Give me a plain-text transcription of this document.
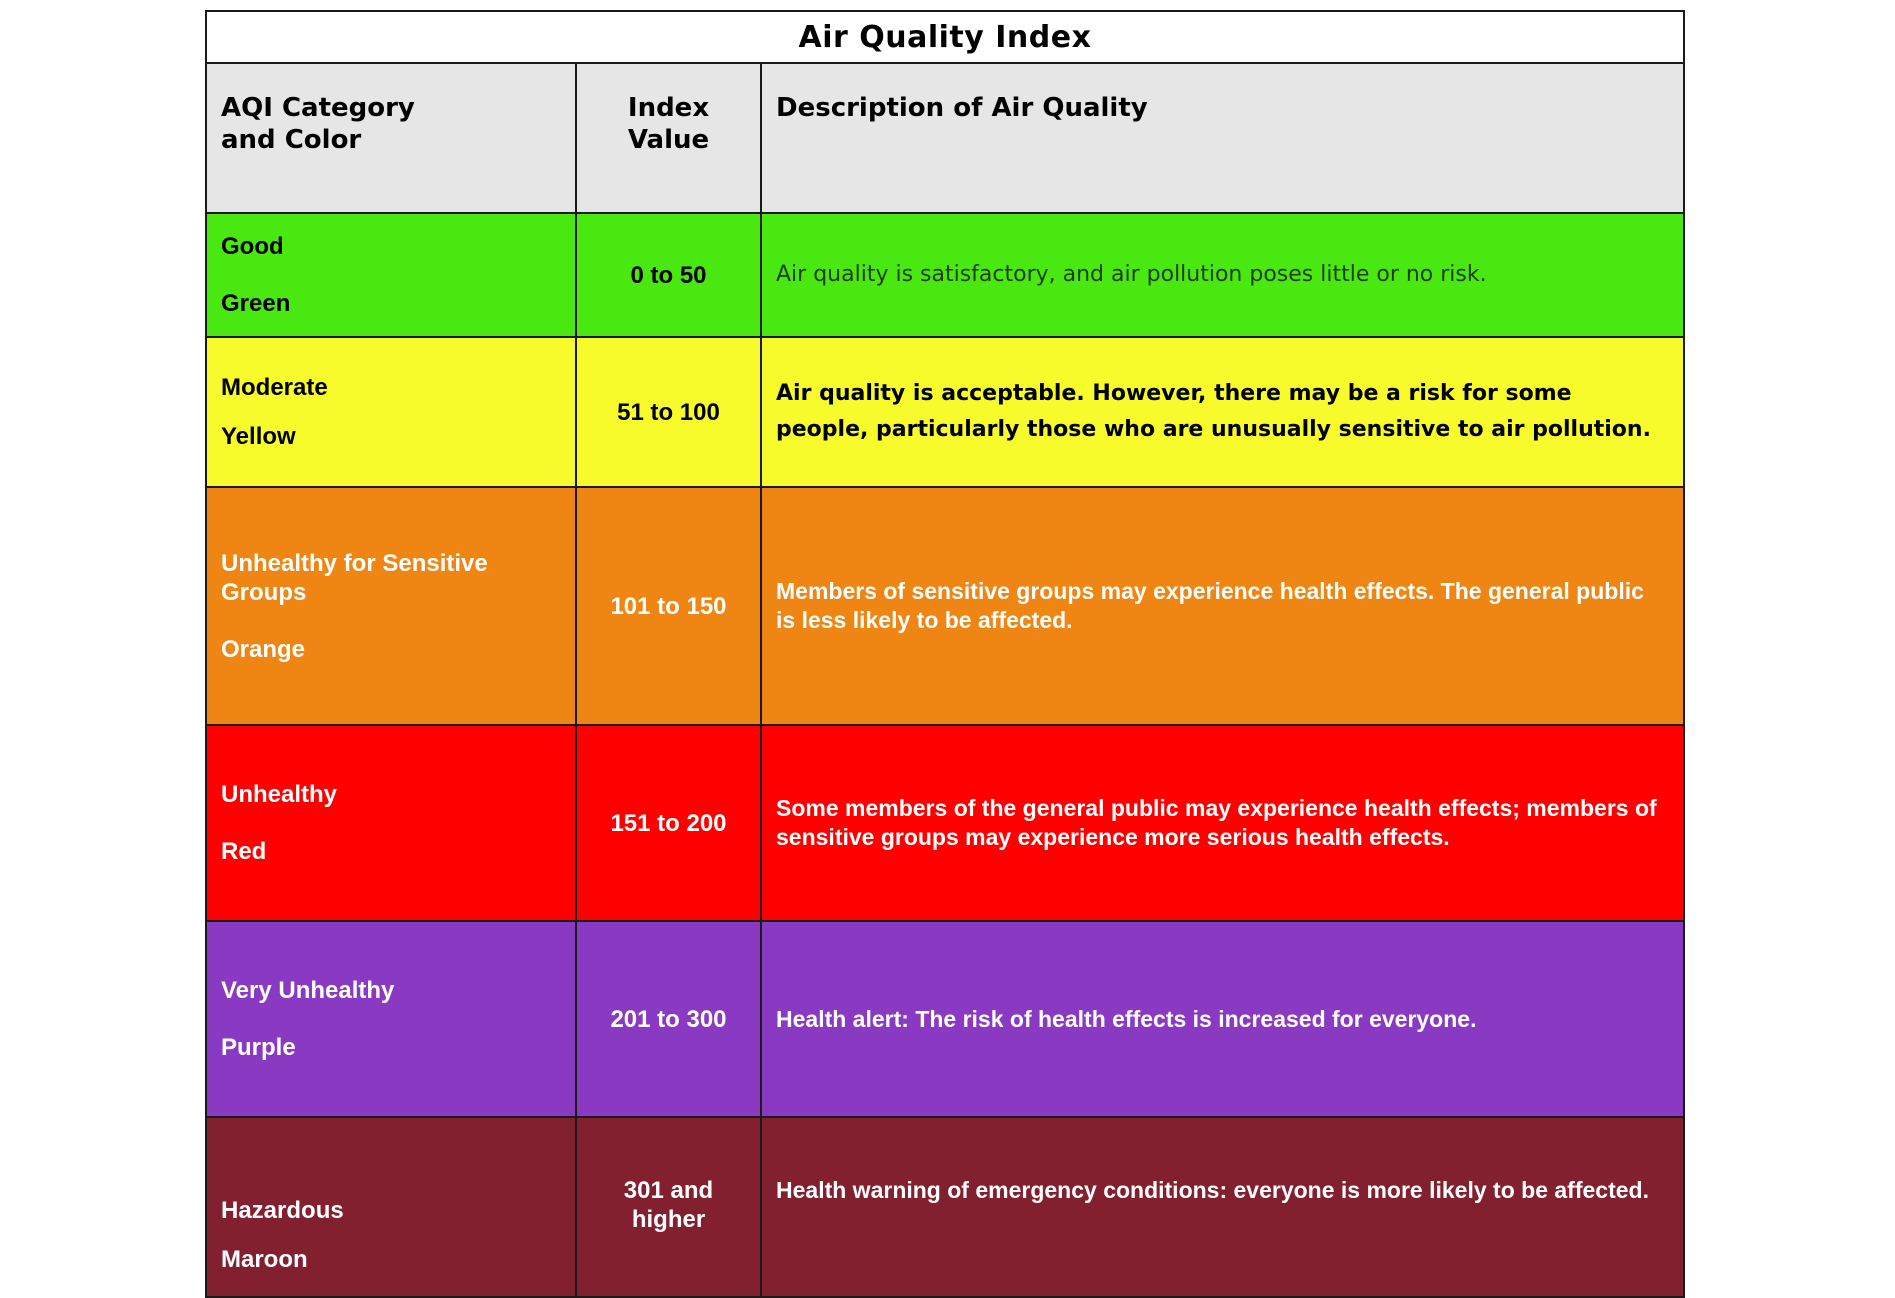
Air Quality Index
AQI Category and Color
Index Value
Description of Air Quality
Good
Green
0 to 50	Air quality is satisfactory, and air pollution poses little or no risk.
Moderate
Yellow
51 to 100
Air quality is acceptable. However, there may be a risk for some people, particularly those who are unusually sensitive to air pollution.
Unhealthy for Sensitive Groups
Orange
101 to 150
Members of sensitive groups may experience health effects. The general public is less likely to be affected.
Unhealthy
Red
151 to 200
Some members of the general public may experience health effects; members of sensitive groups may experience more serious health effects.
Very Unhealthy
Purple
201 to 300 Health alert: The risk of health effects is increased for everyone.
Hazardous
Maroon
301 and higher
Health warning of emergency conditions: everyone is more likely to be affected.
